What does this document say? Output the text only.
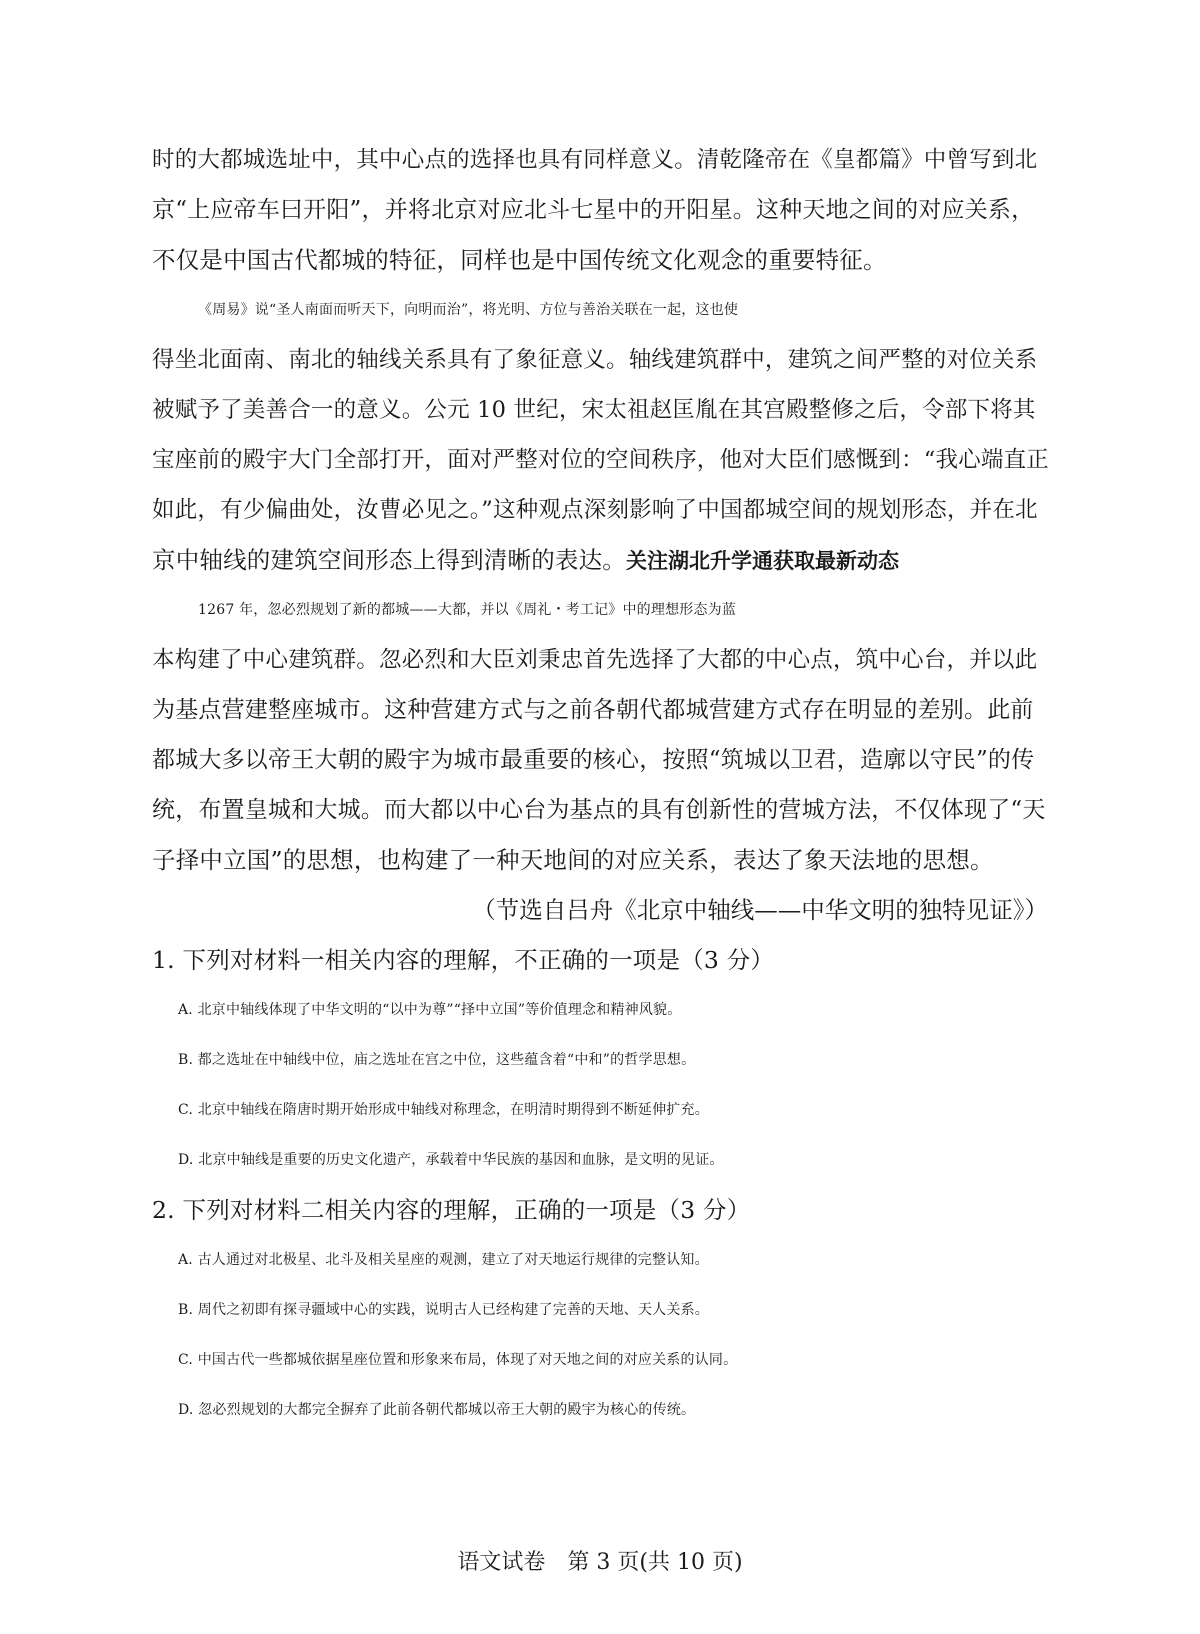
时的大都城选址中，其中心点的选择也具有同样意义。清乾隆帝在《皇都篇》中曾写到北
京“上应帝车曰开阳”，并将北京对应北斗七星中的开阳星。这种天地之间的对应关系，
不仅是中国古代都城的特征，同样也是中国传统文化观念的重要特征。
《周易》说“圣人南面而听天下，向明而治”，将光明、方位与善治关联在一起，这也使
得坐北面南、南北的轴线关系具有了象征意义。轴线建筑群中，建筑之间严整的对位关系
被赋予了美善合一的意义。公元 10 世纪，宋太祖赵匡胤在其宫殿整修之后，令部下将其
宝座前的殿宇大门全部打开，面对严整对位的空间秩序，他对大臣们感慨到：“我心端直正
如此，有少偏曲处，汝曹必见之。”这种观点深刻影响了中国都城空间的规划形态，并在北
京中轴线的建筑空间形态上得到清晰的表达。关注湖北升学通获取最新动态
1267 年，忽必烈规划了新的都城——大都，并以《周礼・考工记》中的理想形态为蓝
本构建了中心建筑群。忽必烈和大臣刘秉忠首先选择了大都的中心点，筑中心台，并以此
为基点营建整座城市。这种营建方式与之前各朝代都城营建方式存在明显的差别。此前
都城大多以帝王大朝的殿宇为城市最重要的核心，按照“筑城以卫君，造廓以守民”的传
统，布置皇城和大城。而大都以中心台为基点的具有创新性的营城方法，不仅体现了“天
子择中立国”的思想，也构建了一种天地间的对应关系，表达了象天法地的思想。
（节选自吕舟《北京中轴线——中华文明的独特见证》）
1. 下列对材料一相关内容的理解，不正确的一项是（3 分）
A. 北京中轴线体现了中华文明的“以中为尊”“择中立国”等价值理念和精神风貌。
B. 都之选址在中轴线中位，庙之选址在宫之中位，这些蕴含着“中和”的哲学思想。
C. 北京中轴线在隋唐时期开始形成中轴线对称理念，在明清时期得到不断延伸扩充。
D. 北京中轴线是重要的历史文化遗产，承载着中华民族的基因和血脉，是文明的见证。
2. 下列对材料二相关内容的理解，正确的一项是（3 分）
A. 古人通过对北极星、北斗及相关星座的观测，建立了对天地运行规律的完整认知。
B. 周代之初即有探寻疆域中心的实践，说明古人已经构建了完善的天地、天人关系。
C. 中国古代一些都城依据星座位置和形象来布局，体现了对天地之间的对应关系的认同。
D. 忽必烈规划的大都完全摒弃了此前各朝代都城以帝王大朝的殿宇为核心的传统。
语文试卷　第 3 页(共 10 页)
